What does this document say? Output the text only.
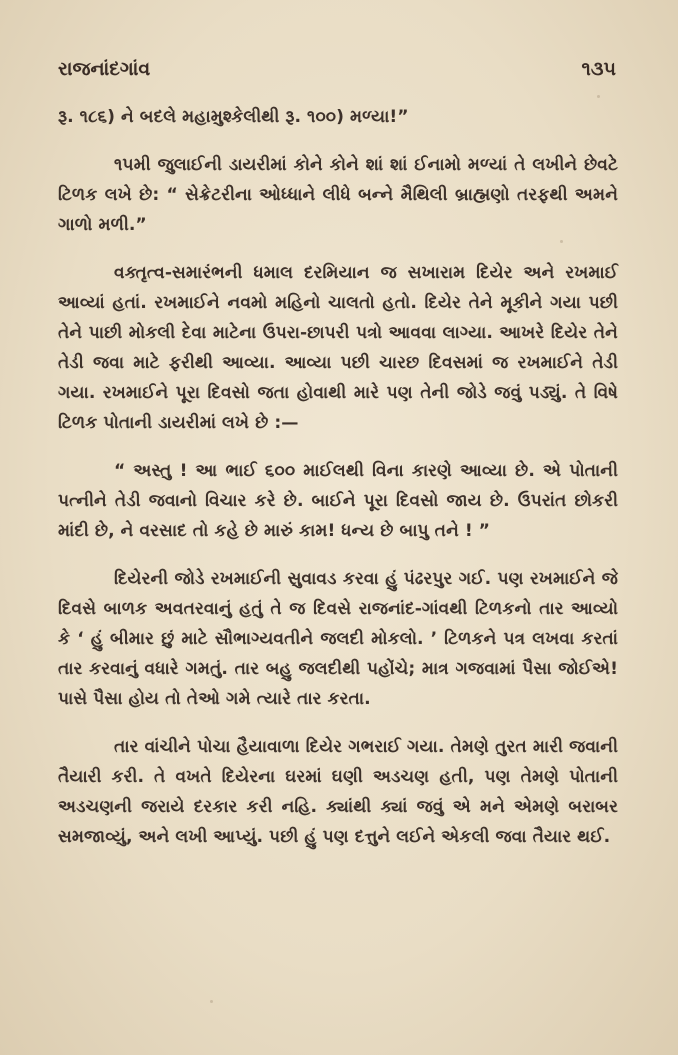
રાજનાંદગાંવ	૧૩૫

રૂ. ૧૮૬) ને બદલે મહામુશ્કેલીથી રૂ. ૧૦૦) મળ્યા!”

૧૫મી જુલાઈની ડાયરીમાં કોને કોને શાં શાં ઈનામો મળ્યાં તે લખીને છેવટે ટિળક લખે છે: “ સેક્રેટરીના ઓધ્ધાને લીધે બન્ને મૈથિલી બ્રાહ્મણો તરફથી અમને ગાળો મળી.”

વક્તૃત્વ-સમારંભની ધમાલ દરમિયાન જ સખારામ દિયેર અને રખમાઈ આવ્યાં હતાં. રખમાઈને નવમો મહિનો ચાલતો હતો. દિયેર તેને મૂકીને ગયા પછી તેને પાછી મોકલી દેવા માટેના ઉપરા-છાપરી પત્રો આવવા લાગ્યા. આખરે દિયેર તેને તેડી જવા માટે ફરીથી આવ્યા. આવ્યા પછી ચારછ દિવસમાં જ રખમાઈને તેડી ગયા. રખમાઈને પૂરા દિવસો જતા હોવાથી મારે પણ તેની જોડે જવું પડ્યું. તે વિષે ટિળક પોતાની ડાયરીમાં લખે છે :—

“ અસ્તુ ! આ ભાઈ ૬૦૦ માઈલથી વિના કારણે આવ્યા છે. એ પોતાની પત્નીને તેડી જવાનો વિચાર કરે છે. બાઈને પૂરા દિવસો જાય છે. ઉપરાંત છોકરી માંદી છે, ને વરસાદ તો કહે છે મારું કામ! ધન્ય છે બાપુ તને ! ”

દિયેરની જોડે રખમાઈની સુવાવડ કરવા હું પંઢરપુર ગઈ. પણ રખમાઈને જે દિવસે બાળક અવતરવાનું હતું તે જ દિવસે રાજનાંદ-ગાંવથી ટિળકનો તાર આવ્યો કે ‘ હું બીમાર છું માટે સૌભાગ્યવતીને જલદી મોકલો. ’ ટિળકને પત્ર લખવા કરતાં તાર કરવાનું વધારે ગમતું. તાર બહુ જલદીથી પહોંચે; માત્ર ગજવામાં પૈસા જોઈએ! પાસે પૈસા હોય તો તેઓ ગમે ત્યારે તાર કરતા.

તાર વાંચીને પોચા હૈયાવાળા દિયેર ગભરાઈ ગયા. તેમણે તુરત મારી જવાની તૈયારી કરી. તે વખતે દિયેરના ઘરમાં ઘણી અડચણ હતી, પણ તેમણે પોતાની અડચણની જરાયે દરકાર કરી નહિ. ક્યાંથી ક્યાં જવું એ મને એમણે બરાબર સમજાવ્યું, અને લખી આપ્યું. પછી હું પણ દત્તુને લઈને એકલી જવા તૈયાર થઈ.
